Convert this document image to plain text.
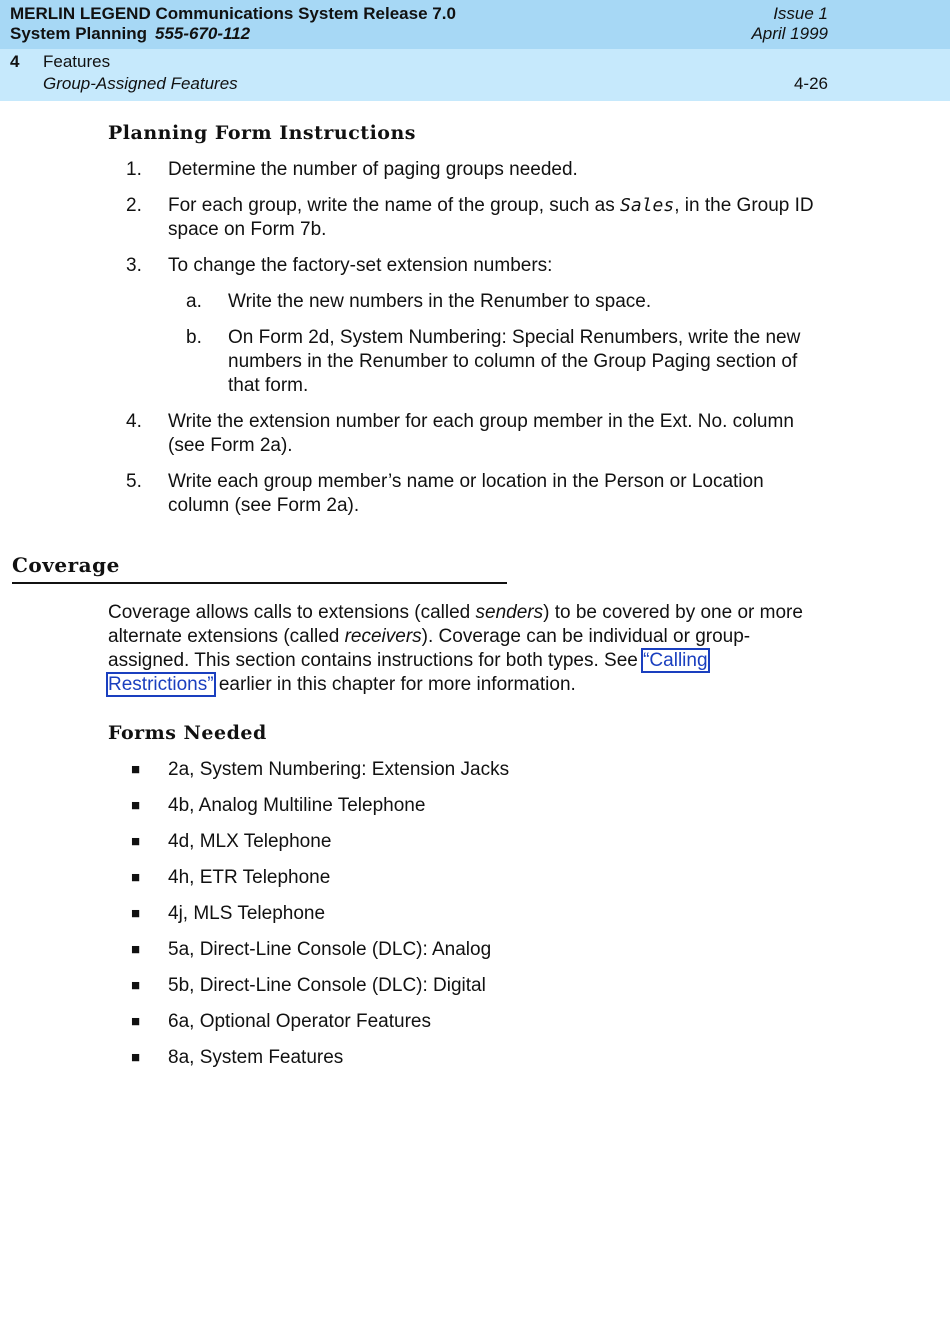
MERLIN LEGEND Communications System Release 7.0
System Planning 555-670-112
Issue 1
April 1999
4 Features
Group-Assigned Features	4-26
Planning Form Instructions
1. Determine the number of paging groups needed.
2. For each group, write the name of the group, such as Sales, in the Group ID space on Form 7b.
3. To change the factory-set extension numbers:
a. Write the new numbers in the Renumber to space.
b. On Form 2d, System Numbering: Special Renumbers, write the new numbers in the Renumber to column of the Group Paging section of that form.
4. Write the extension number for each group member in the Ext. No. column (see Form 2a).
5. Write each group member’s name or location in the Person or Location column (see Form 2a).
Coverage
Coverage allows calls to extensions (called senders) to be covered by one or more alternate extensions (called receivers). Coverage can be individual or group-assigned. This section contains instructions for both types. See “Calling
Restrictions” earlier in this chapter for more information.
Forms Needed
■ 2a, System Numbering: Extension Jacks
■ 4b, Analog Multiline Telephone
■ 4d, MLX Telephone
■ 4h, ETR Telephone
■ 4j, MLS Telephone
■ 5a, Direct-Line Console (DLC): Analog
■ 5b, Direct-Line Console (DLC): Digital
■ 6a, Optional Operator Features
■ 8a, System Features
